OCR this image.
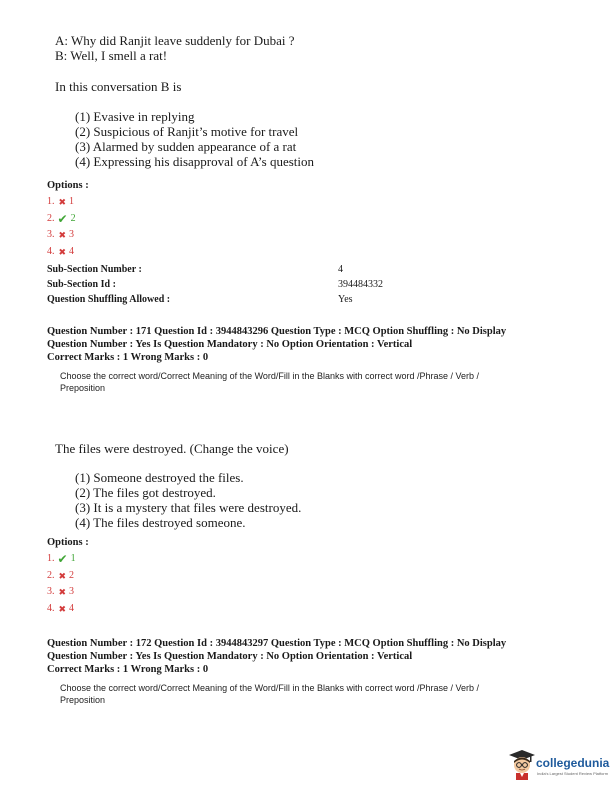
A: Why did Ranjit leave suddenly for Dubai ?
B: Well, I smell a rat!
In this conversation B is
(1) Evasive in replying
(2) Suspicious of Ranjit’s motive for travel
(3) Alarmed by sudden appearance of a rat
(4) Expressing his disapproval of A’s question
Options :
1. ✖ 1
2. ✔ 2
3. ✖ 3
4. ✖ 4
Sub-Section Number :	4
Sub-Section Id :	394484332
Question Shuffling Allowed :	Yes
Question Number : 171 Question Id : 3944843296 Question Type : MCQ Option Shuffling : No Display
Question Number : Yes Is Question Mandatory : No Option Orientation : Vertical
Correct Marks : 1 Wrong Marks : 0
Choose the correct word/Correct Meaning of the Word/Fill in the Blanks with correct word /Phrase / Verb /
Preposition
The files were destroyed. (Change the voice)
(1) Someone destroyed the files.
(2) The files got destroyed.
(3) It is a mystery that files were destroyed.
(4) The files destroyed someone.
Options :
1. ✔ 1
2. ✖ 2
3. ✖ 3
4. ✖ 4
Question Number : 172 Question Id : 3944843297 Question Type : MCQ Option Shuffling : No Display
Question Number : Yes Is Question Mandatory : No Option Orientation : Vertical
Correct Marks : 1 Wrong Marks : 0
Choose the correct word/Correct Meaning of the Word/Fill in the Blanks with correct word /Phrase / Verb /
Preposition
collegedunia
India's Largest Student Review Platform
